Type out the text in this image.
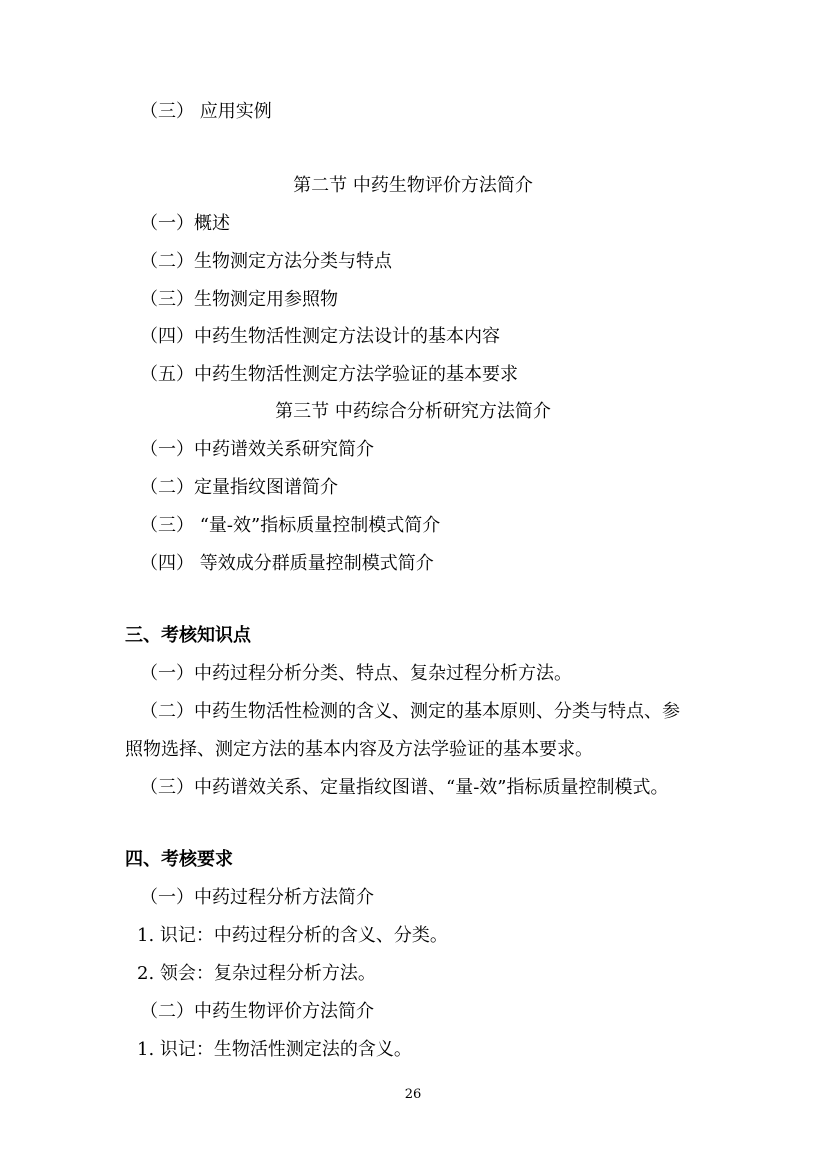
（三） 应用实例
第二节 中药生物评价方法简介
（一）概述
（二）生物测定方法分类与特点
（三）生物测定用参照物
（四）中药生物活性测定方法设计的基本内容
（五）中药生物活性测定方法学验证的基本要求
第三节 中药综合分析研究方法简介
（一）中药谱效关系研究简介
（二）定量指纹图谱简介
（三） “量-效”指标质量控制模式简介
（四） 等效成分群质量控制模式简介
三、考核知识点
（一）中药过程分析分类、特点、复杂过程分析方法。
（二）中药生物活性检测的含义、测定的基本原则、分类与特点、参
照物选择、测定方法的基本内容及方法学验证的基本要求。
（三）中药谱效关系、定量指纹图谱、“量-效”指标质量控制模式。
四、考核要求
（一）中药过程分析方法简介
1. 识记：中药过程分析的含义、分类。
2. 领会：复杂过程分析方法。
（二）中药生物评价方法简介
1. 识记：生物活性测定法的含义。
26
